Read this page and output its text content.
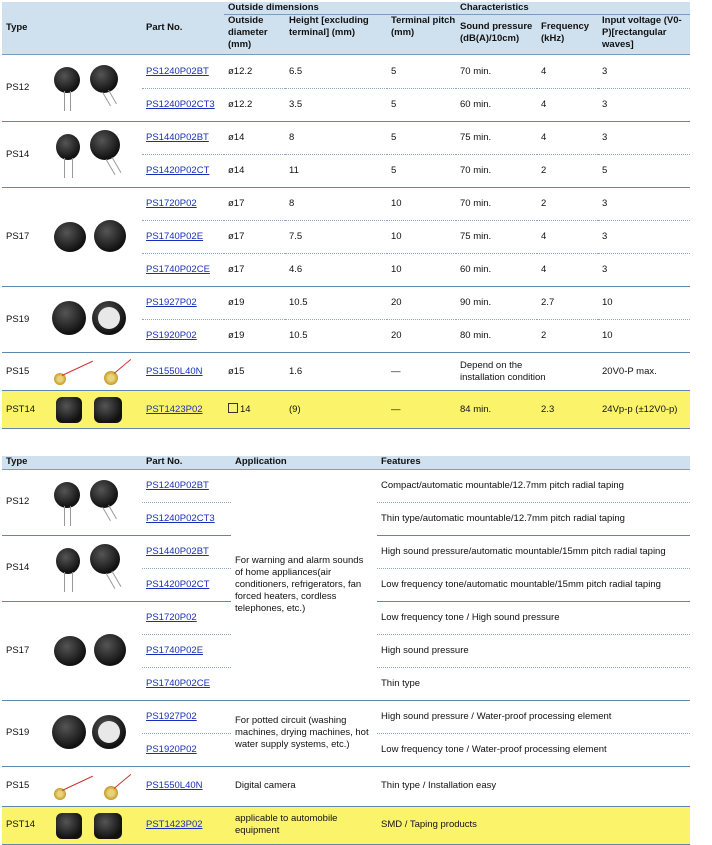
Type	Part No.	Outside dimensions			Characteristics		
		Outside diameter (mm)	Height [excluding terminal] (mm)	Terminal pitch (mm)	Sound pressure (dB(A)/10cm)	Frequency (kHz)	Input voltage (V0-P)[rectangular waves]
PS12	PS1240P02BT	ø12.2	6.5	5	70 min.	4	3
	PS1240P02CT3	ø12.2	3.5	5	60 min.	4	3
PS14	PS1440P02BT	ø14	8	5	75 min.	4	3
	PS1420P02CT	ø14	11	5	70 min.	2	5
PS17	PS1720P02	ø17	8	10	70 min.	2	3
	PS1740P02E	ø17	7.5	10	75 min.	4	3
	PS1740P02CE	ø17	4.6	10	60 min.	4	3
PS19	PS1927P02	ø19	10.5	20	90 min.	2.7	10
	PS1920P02	ø19	10.5	20	80 min.	2	10
PS15	PS1550L40N	ø15	1.6	—	Depend on the installation condition		20V0-P max.
PST14	PST1423P02	14	(9)	—	84 min.	2.3	24Vp-p (±12V0-p)
Type	Part No.	Application	Features
PS12	PS1240P02BT	For warning and alarm sounds of home appliances(air conditioners, refrigerators, fan forced heaters, cordless telephones, etc.)	Compact/automatic mountable/12.7mm pitch radial taping
	PS1240P02CT3		Thin type/automatic mountable/12.7mm pitch radial taping
PS14	PS1440P02BT		High sound pressure/automatic mountable/15mm pitch radial taping
	PS1420P02CT		Low frequency tone/automatic mountable/15mm pitch radial taping
PS17	PS1720P02		Low frequency tone / High sound pressure
	PS1740P02E		High sound pressure
	PS1740P02CE		Thin type
PS19	PS1927P02	For potted circuit (washing machines, drying machines, hot water supply systems, etc.)	High sound pressure / Water-proof processing element
	PS1920P02		Low frequency tone / Water-proof processing element
PS15	PS1550L40N	Digital camera	Thin type / Installation easy
PST14	PST1423P02	applicable to automobile equipment	SMD / Taping products
